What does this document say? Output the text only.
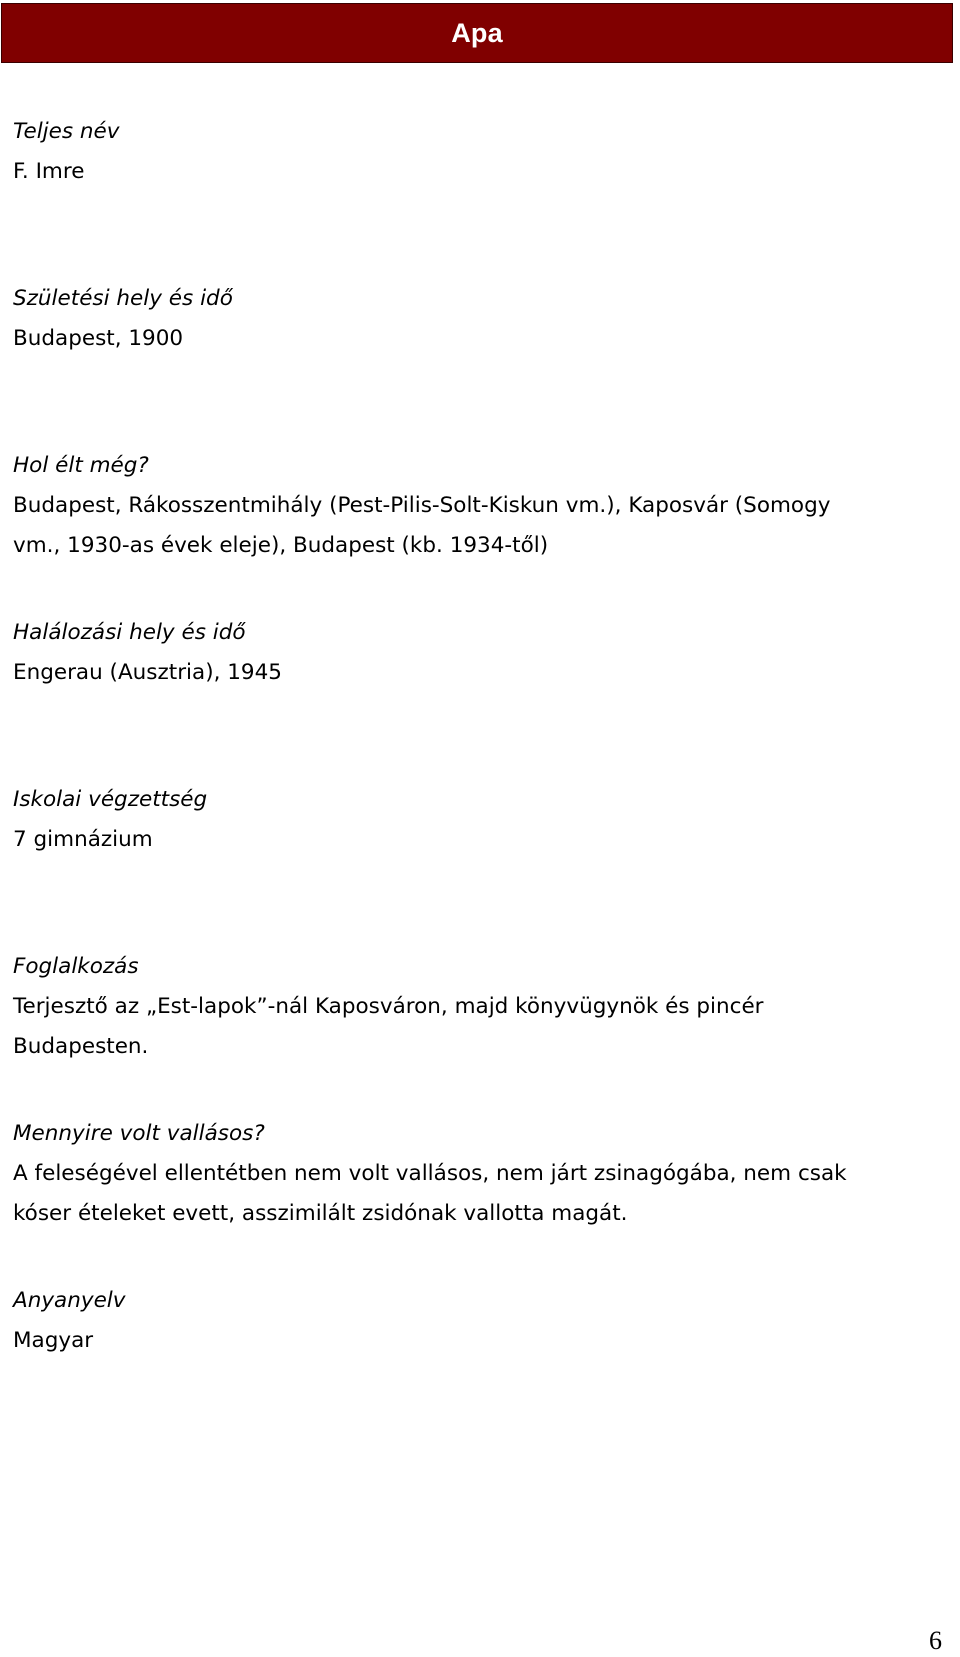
Apa
Teljes név
F. Imre
Születési hely és idő
Budapest, 1900
Hol élt még?
Budapest, Rákosszentmihály (Pest-Pilis-Solt-Kiskun vm.), Kaposvár (Somogy
vm., 1930-as évek eleje), Budapest (kb. 1934-től)
Halálozási hely és idő
Engerau (Ausztria), 1945
Iskolai végzettség
7 gimnázium
Foglalkozás
Terjesztő az „Est-lapok”-nál Kaposváron, majd könyvügynök és pincér
Budapesten.
Mennyire volt vallásos?
A feleségével ellentétben nem volt vallásos, nem járt zsinagógába, nem csak
kóser ételeket evett, asszimilált zsidónak vallotta magát.
Anyanyelv
Magyar
6
